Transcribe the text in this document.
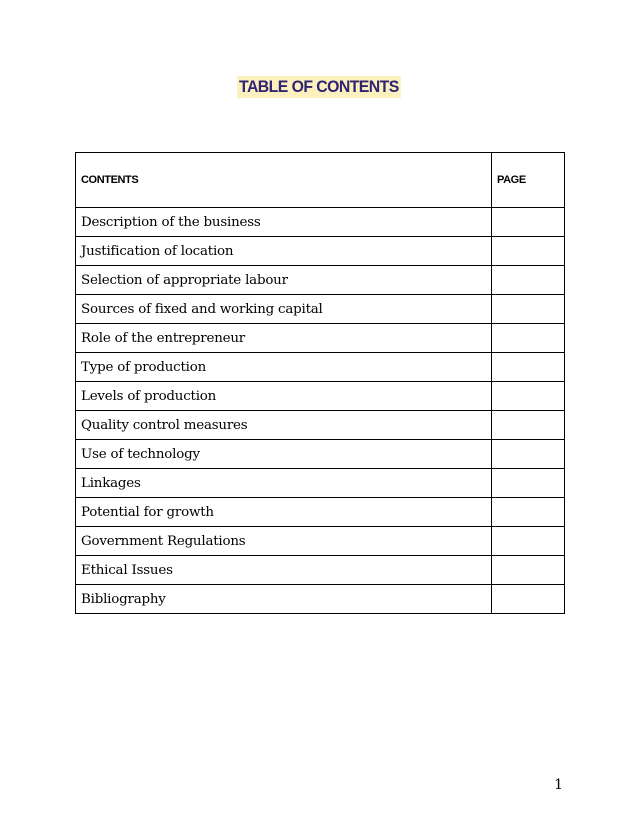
TABLE OF CONTENTS
CONTENTS	PAGE
Description of the business	
Justification of location	
Selection of appropriate labour	
Sources of fixed and working capital	
Role of the entrepreneur	
Type of production	
Levels of production	
Quality control measures	
Use of technology	
Linkages	
Potential for growth	
Government Regulations	
Ethical Issues	
Bibliography	
1
